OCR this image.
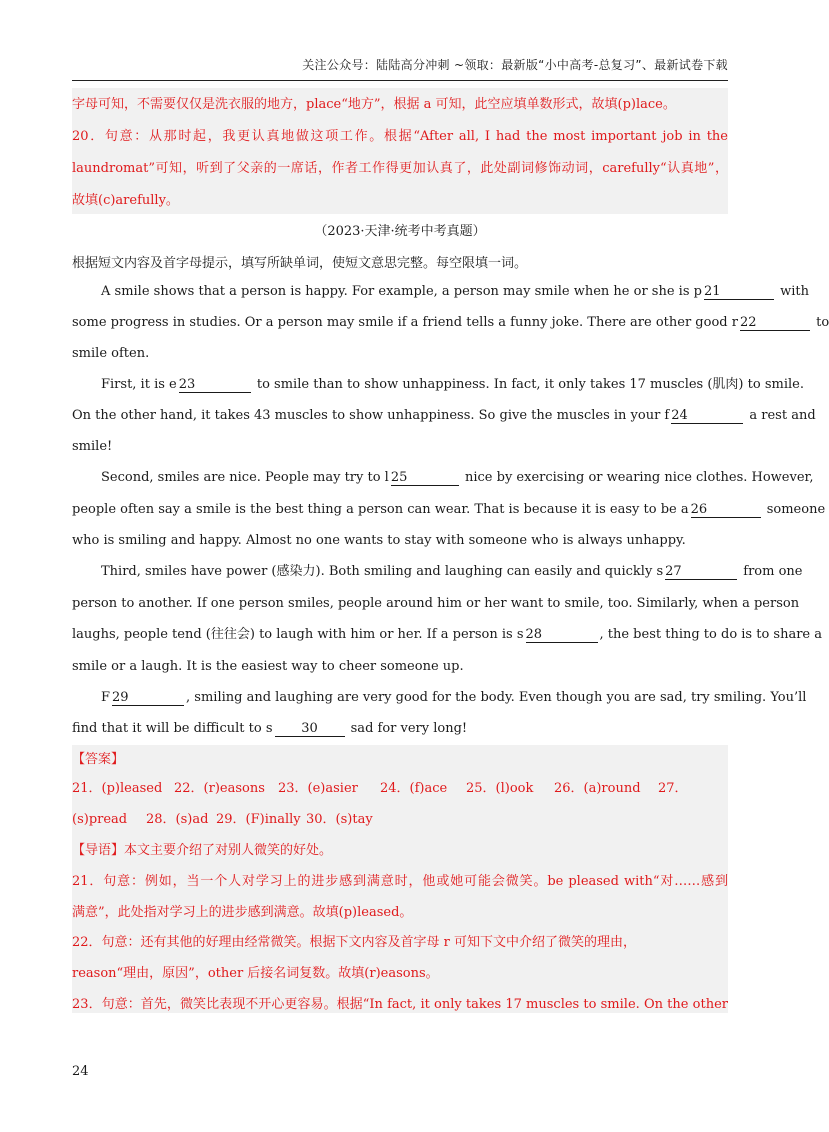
关注公众号：陆陆高分冲刺 ~领取：最新版“小中高考-总复习”、最新试卷下载
字母可知，不需要仅仅是洗衣服的地方，place“地方”，根据 a 可知，此空应填单数形式，故填(p)lace。
20．句意：从那时起，我更认真地做这项工作。根据“After all, I had the most important job in the
laundromat”可知，听到了父亲的一席话，作者工作得更加认真了，此处副词修饰动词，carefully“认真地”，
故填(c)arefully。
（2023·天津·统考中考真题）
根据短文内容及首字母提示，填写所缺单词，使短文意思完整。每空限填一词。
A smile shows that a person is happy. For example, a person may smile when he or she is p 21	with
some progress in studies. Or a person may smile if a friend tells a funny joke. There are other good r 22	to
smile often.
First, it is e 23	to smile than to show unhappiness. In fact, it only takes 17 muscles (肌肉) to smile.
On the other hand, it takes 43 muscles to show unhappiness. So give the muscles in your f 24	a rest and
smile!
Second, smiles are nice. People may try to l 25	nice by exercising or wearing nice clothes. However,
people often say a smile is the best thing a person can wear. That is because it is easy to be a 26	someone
who is smiling and happy. Almost no one wants to stay with someone who is always unhappy.
Third, smiles have power (感染力). Both smiling and laughing can easily and quickly s 27	from one
person to another. If one person smiles, people around him or her want to smile, too. Similarly, when a person
laughs, people tend (往往会) to laugh with him or her. If a person is s 28	, the best thing to do is to share a
smile or a laugh. It is the easiest way to cheer someone up.
F 29	, smiling and laughing are very good for the body. Even though you are sad, try smiling. You’ll
find that it will be difficult to s 30	sad for very long!
【答案】
21．(p)leased 22．(r)easons 23．(e)asier 24．(f)ace 25．(l)ook 26．(a)round 27．
(s)pread 28．(s)ad 29．(F)inally 30．(s)tay
【导语】本文主要介绍了对别人微笑的好处。
21．句意：例如，当一个人对学习上的进步感到满意时，他或她可能会微笑。be pleased with“对……感到
满意”，此处指对学习上的进步感到满意。故填(p)leased。
22．句意：还有其他的好理由经常微笑。根据下文内容及首字母 r 可知下文中介绍了微笑的理由，
reason“理由，原因”，other 后接名词复数。故填(r)easons。
23．句意：首先，微笑比表现不开心更容易。根据“In fact, it only takes 17 muscles to smile. On the other
24
